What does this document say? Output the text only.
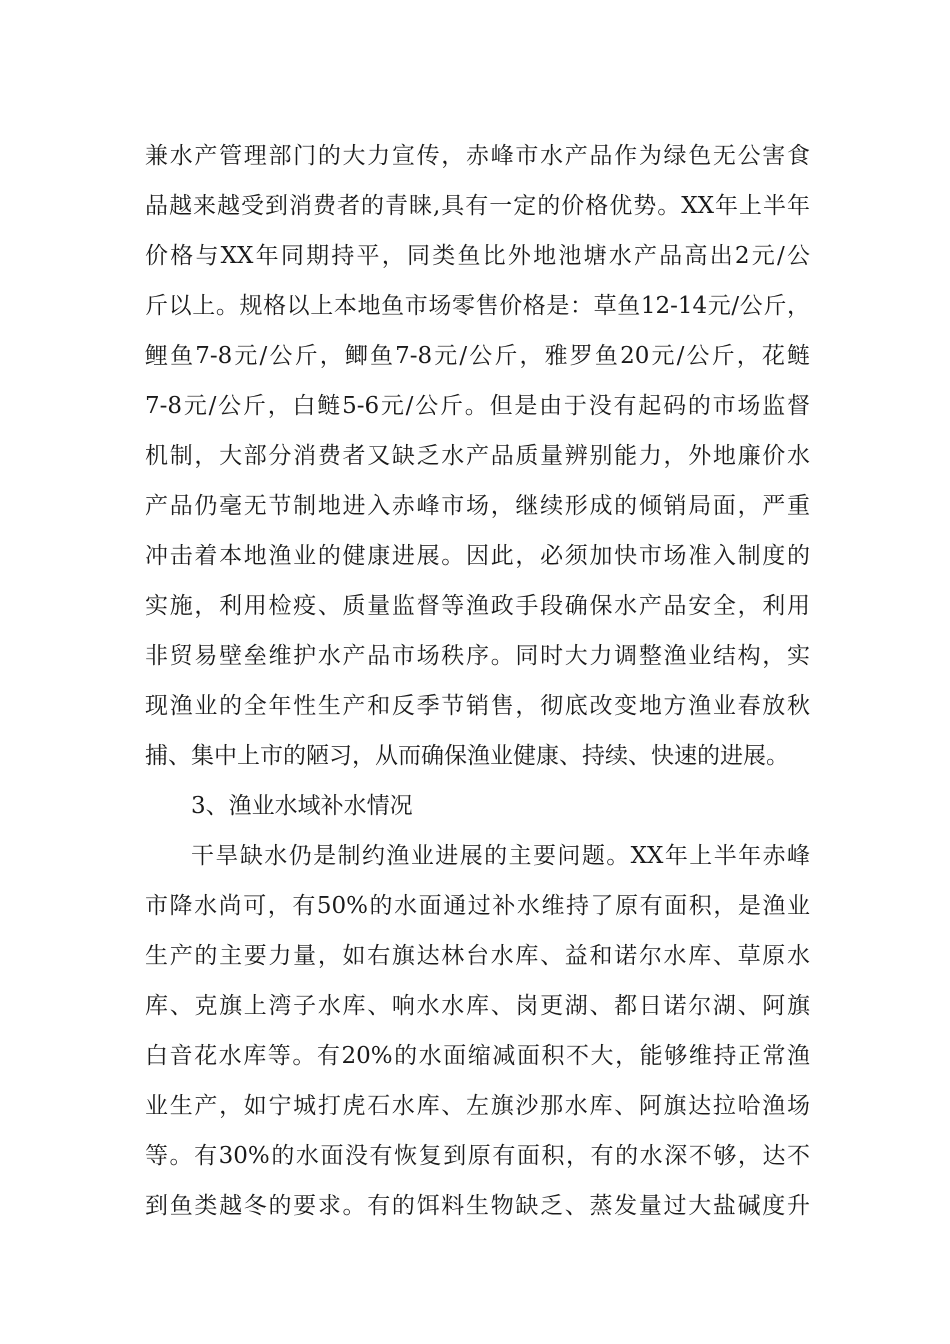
兼水产管理部门的大力宣传，赤峰市水产品作为绿色无公害食
品越来越受到消费者的青睐,具有一定的价格优势。XX年上半年
价格与XX年同期持平，同类鱼比外地池塘水产品高出2元/公
斤以上。规格以上本地鱼市场零售价格是：草鱼12-14元/公斤，
鲤鱼7-8元/公斤，鲫鱼7-8元/公斤，雅罗鱼20元/公斤，花鲢
7-8元/公斤，白鲢5-6元/公斤。但是由于没有起码的市场监督
机制，大部分消费者又缺乏水产品质量辨别能力，外地廉价水
产品仍毫无节制地进入赤峰市场，继续形成的倾销局面，严重
冲击着本地渔业的健康进展。因此，必须加快市场准入制度的
实施，利用检疫、质量监督等渔政手段确保水产品安全，利用
非贸易壁垒维护水产品市场秩序。同时大力调整渔业结构，实
现渔业的全年性生产和反季节销售，彻底改变地方渔业春放秋
捕、集中上市的陋习，从而确保渔业健康、持续、快速的进展。
3、渔业水域补水情况
干旱缺水仍是制约渔业进展的主要问题。XX年上半年赤峰
市降水尚可，有50%的水面通过补水维持了原有面积，是渔业
生产的主要力量，如右旗达林台水库、益和诺尔水库、草原水
库、克旗上湾子水库、响水水库、岗更湖、都日诺尔湖、阿旗
白音花水库等。有20%的水面缩减面积不大，能够维持正常渔
业生产，如宁城打虎石水库、左旗沙那水库、阿旗达拉哈渔场
等。有30%的水面没有恢复到原有面积，有的水深不够，达不
到鱼类越冬的要求。有的饵料生物缺乏、蒸发量过大盐碱度升
